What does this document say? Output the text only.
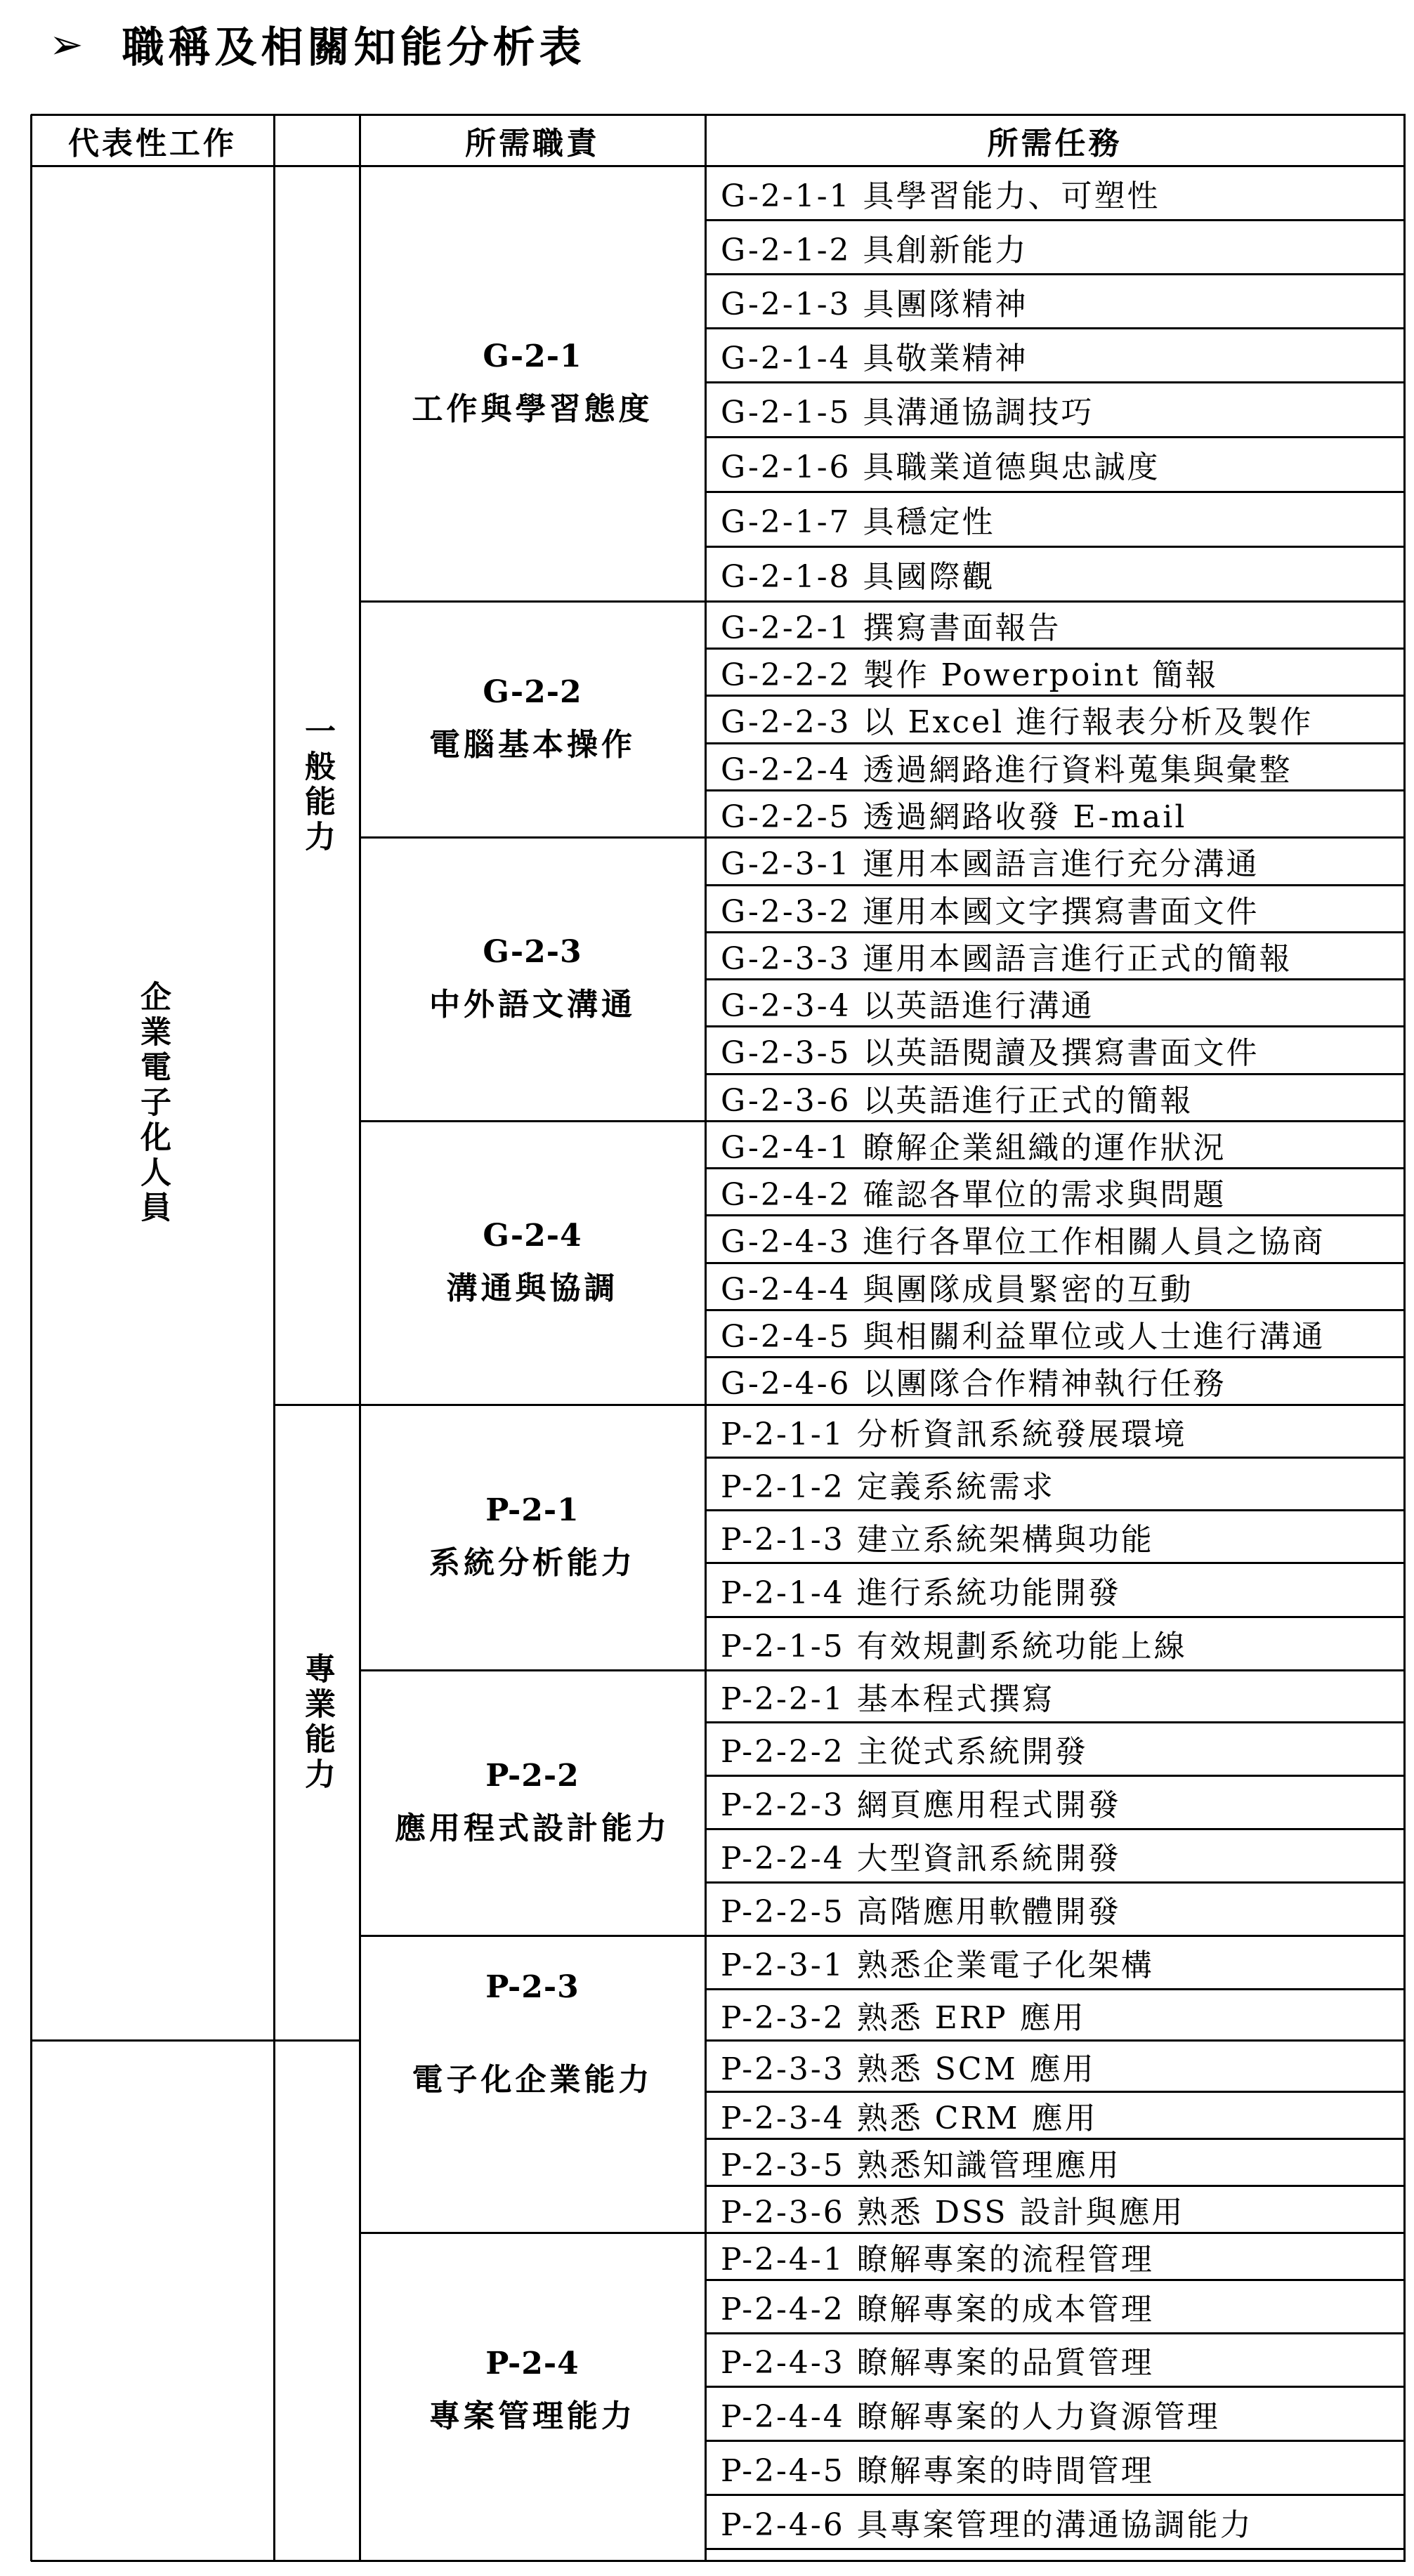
➢ 職稱及相關知能分析表
代表性工作	所需職責	所需任務
G-2-1-1 具學習能力、可塑性
G-2-1-2 具創新能力
G-2-1-3 具團隊精神
G-2-1-4 具敬業精神
G-2-1-5 具溝通協調技巧
G-2-1-6 具職業道德與忠誠度
G-2-1-7 具穩定性
G-2-1-8 具國際觀
G-2-2-1 撰寫書面報告
G-2-2-2 製作 Powerpoint 簡報
G-2-2-3 以 Excel 進行報表分析及製作
G-2-2-4 透過網路進行資料蒐集與彙整
G-2-2-5 透過網路收發 E-mail
G-2-3-1 運用本國語言進行充分溝通
G-2-3-2 運用本國文字撰寫書面文件
G-2-3-3 運用本國語言進行正式的簡報
G-2-3-4 以英語進行溝通
G-2-3-5 以英語閱讀及撰寫書面文件
G-2-3-6 以英語進行正式的簡報
G-2-4-1 瞭解企業組織的運作狀況
G-2-4-2 確認各單位的需求與問題
G-2-4-3 進行各單位工作相關人員之協商
G-2-4-4 與團隊成員緊密的互動
G-2-4-5 與相關利益單位或人士進行溝通
G-2-4-6 以團隊合作精神執行任務
P-2-1-1 分析資訊系統發展環境
P-2-1-2 定義系統需求
P-2-1-3 建立系統架構與功能
P-2-1-4 進行系統功能開發
P-2-1-5 有效規劃系統功能上線
P-2-2-1 基本程式撰寫
P-2-2-2 主從式系統開發
P-2-2-3 網頁應用程式開發
P-2-2-4 大型資訊系統開發
P-2-2-5 高階應用軟體開發
P-2-3-1 熟悉企業電子化架構
P-2-3-2 熟悉 ERP 應用
P-2-3-3 熟悉 SCM 應用
P-2-3-4 熟悉 CRM 應用
P-2-3-5 熟悉知識管理應用
P-2-3-6 熟悉 DSS 設計與應用
P-2-4-1 瞭解專案的流程管理
P-2-4-2 瞭解專案的成本管理
P-2-4-3 瞭解專案的品質管理
P-2-4-4 瞭解專案的人力資源管理
P-2-4-5 瞭解專案的時間管理
P-2-4-6 具專案管理的溝通協調能力
G-2-1
工作與學習態度
G-2-2
電腦基本操作
G-2-3
中外語文溝通
G-2-4
溝通與協調
P-2-1
系統分析能力
P-2-2
應用程式設計能力
P-2-3
電子化企業能力
P-2-4
專案管理能力
一般能力
專業能力
企業電子化人員
